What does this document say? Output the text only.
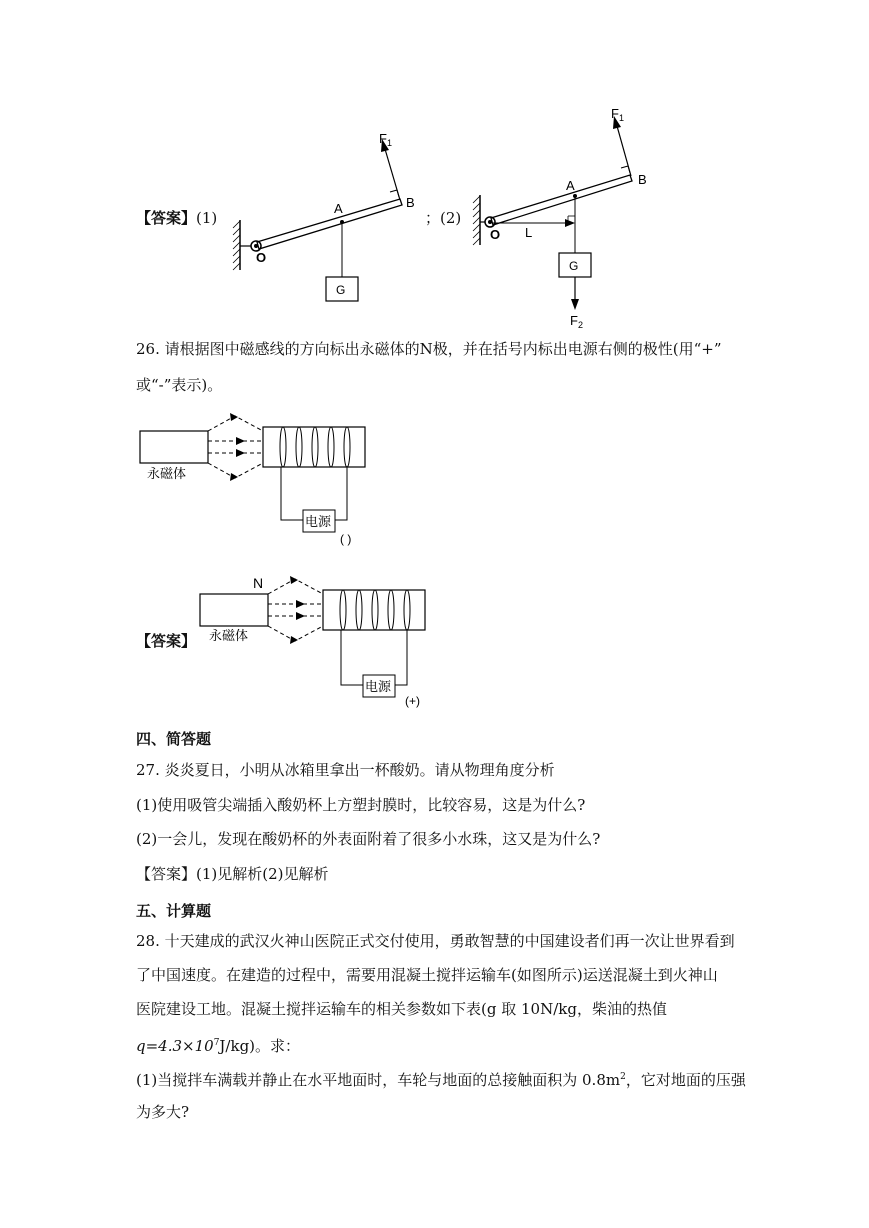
【答案】(1)
G
$F_1$
A	B
O
；(2)
G
$F_1$
A	B
O L
$F_2$
26. 请根据图中磁感线的方向标出永磁体的N极，并在括号内标出电源右侧的极性(用“+”
或“-”表示)。
永磁体
电源
( )
【答案】
N
永磁体
电源
(+)
四、简答题
27. 炎炎夏日，小明从冰箱里拿出一杯酸奶。请从物理角度分析
(1)使用吸管尖端插入酸奶杯上方塑封膜时，比较容易，这是为什么?
(2)一会儿，发现在酸奶杯的外表面附着了很多小水珠，这又是为什么?
【答案】(1)见解析(2)见解析
五、计算题
28. 十天建成的武汉火神山医院正式交付使用，勇敢智慧的中国建设者们再一次让世界看到
了中国速度。在建造的过程中，需要用混凝土搅拌运输车(如图所示)运送混凝土到火神山
医院建设工地。混凝土搅拌运输车的相关参数如下表(g 取 10N/kg，柴油的热值
$q=4.3\times 10^7J/kg$)。求：
(1)当搅拌车满载并静止在水平地面时，车轮与地面的总接触面积为 $0.8m^2$，它对地面的压强
为多大?
